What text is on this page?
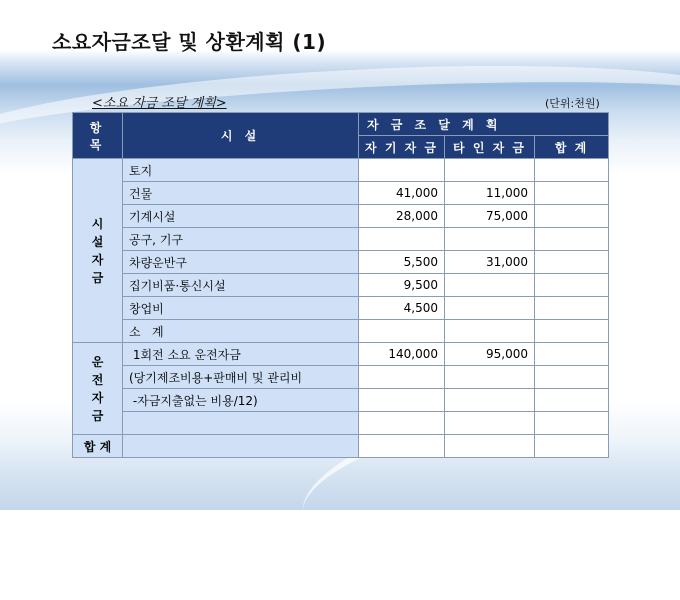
소요자금조달 및 상환계획 (1)
<소요 자금 조달 계획>	(단위:천원)
항 목	시 설	자 금 조 달 계 획		
		자 기 자 금	타 인 자 금	합 계

시
설
자
금	토지			
	건물	41,000	11,000	
	기계시설	28,000	75,000	
	공구, 기구			
	차량운반구	5,500	31,000	
	집기비품·통신시설	9,500		
	창업비	4,500		
	소   계			

운
전
자
금	1회전 소요 운전자금	140,000	95,000	
	(당기제조비용+판매비 및 관리비			
	-자금지출없는 비용/12)			

합 계				
